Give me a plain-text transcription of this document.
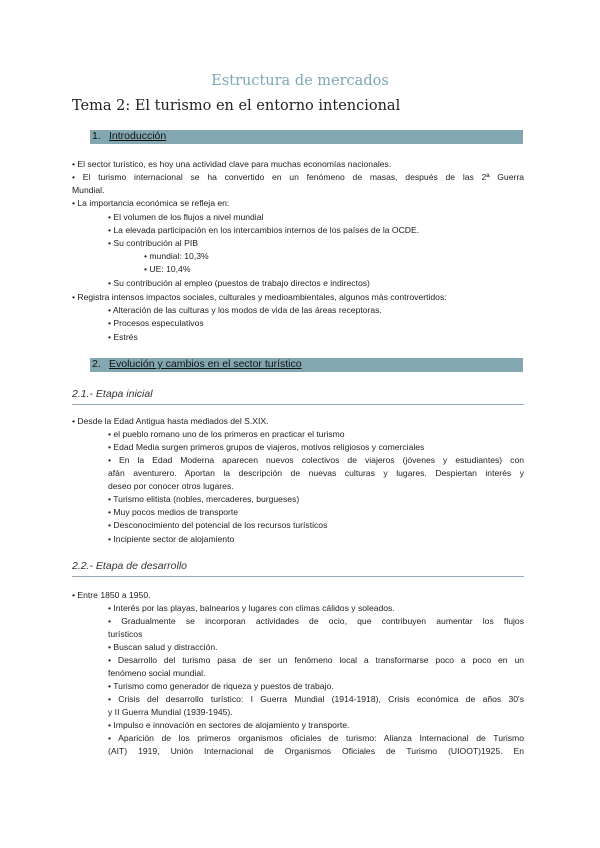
Estructura de mercados
Tema 2: El turismo en el entorno intencional
1. Introducción
• El sector turístico, es hoy una actividad clave para muchas economías nacionales.
• El turismo internacional se ha convertido en un fenómeno de masas, después de las 2ª Guerra
Mundial.
• La importancia económica se refleja en:
• El volumen de los flujos a nivel mundial
• La elevada participación en los intercambios internos de los países de la OCDE.
• Su contribución al PIB
• mundial: 10,3%
• UE: 10,4%
• Su contribución al empleo (puestos de trabajo directos e indirectos)
• Registra intensos impactos sociales, culturales y medioambientales, algunos más controvertidos:
• Alteración de las culturas y los modos de vida de las áreas receptoras.
• Procesos especulativos
• Estrés
2. Evolución y cambios en el sector turístico
2.1.- Etapa inicial
• Desde la Edad Antigua hasta mediados del S.XIX.
• el pueblo romano uno de los primeros en practicar el turismo
• Edad Media surgen primeros grupos de viajeros, motivos religiosos y comerciales
• En la Edad Moderna aparecen nuevos colectivos de viajeros (jóvenes y estudiantes) con
afán aventurero. Aportan la descripción de nuevas culturas y lugares. Despiertan interés y
deseo por conocer otros lugares.
• Turismo elitista (nobles, mercaderes, burgueses)
• Muy pocos medios de transporte
• Desconocimiento del potencial de los recursos turísticos
• Incipiente sector de alojamiento
2.2.- Etapa de desarrollo
• Entre 1850 a 1950.
• Interés por las playas, balnearios y lugares con climas cálidos y soleados.
• Gradualmente se incorporan actividades de ocio, que contribuyen aumentar los flujos
turísticos
• Buscan salud y distracción.
• Desarrollo del turismo pasa de ser un fenómeno local a transformarse poco a poco en un
fenómeno social mundial.
• Turismo como generador de riqueza y puestos de trabajo.
• Crisis del desarrollo turístico: I Guerra Mundial (1914-1918), Crisis económica de años 30's
y II Guerra Mundial (1939-1945).
• Impulso e innovación en sectores de alojamiento y transporte.
• Aparición de los primeros organismos oficiales de turismo: Alianza Internacional de Turismo
(AIT) 1919, Unión Internacional de Organismos Oficiales de Turismo (UIOOT)1925. En
